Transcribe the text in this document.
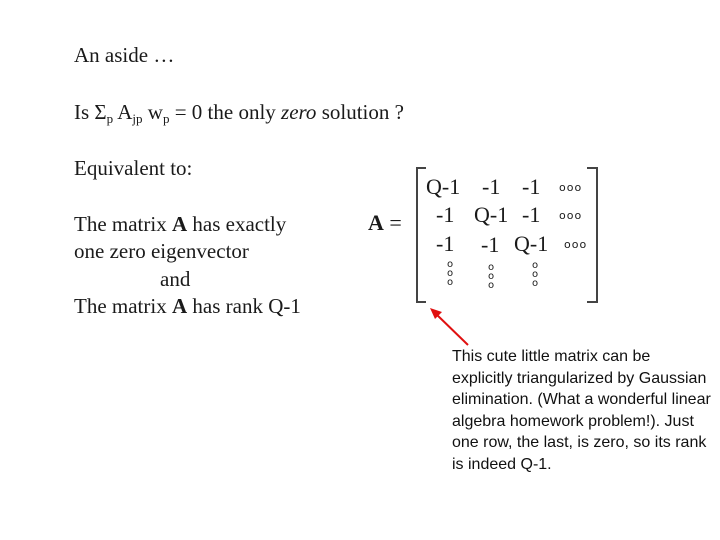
An aside …
Is $\Sigma_p$ $A_{jp}$ $w_p = 0$ the only zero solution ?
Equivalent to:
The matrix A has exactly
one zero eigenvector
and
The matrix A has rank Q-1
A =
Q-1 -1 -1 ooo
-1 Q-1 -1 ooo
-1 -1 Q-1 ooo
o
o
o
o
o
o
o
o
o
This cute little matrix can be explicitly triangularized by Gaussian elimination. (What a wonderful linear algebra homework problem!). Just one row, the last, is zero, so its rank is indeed Q-1.
